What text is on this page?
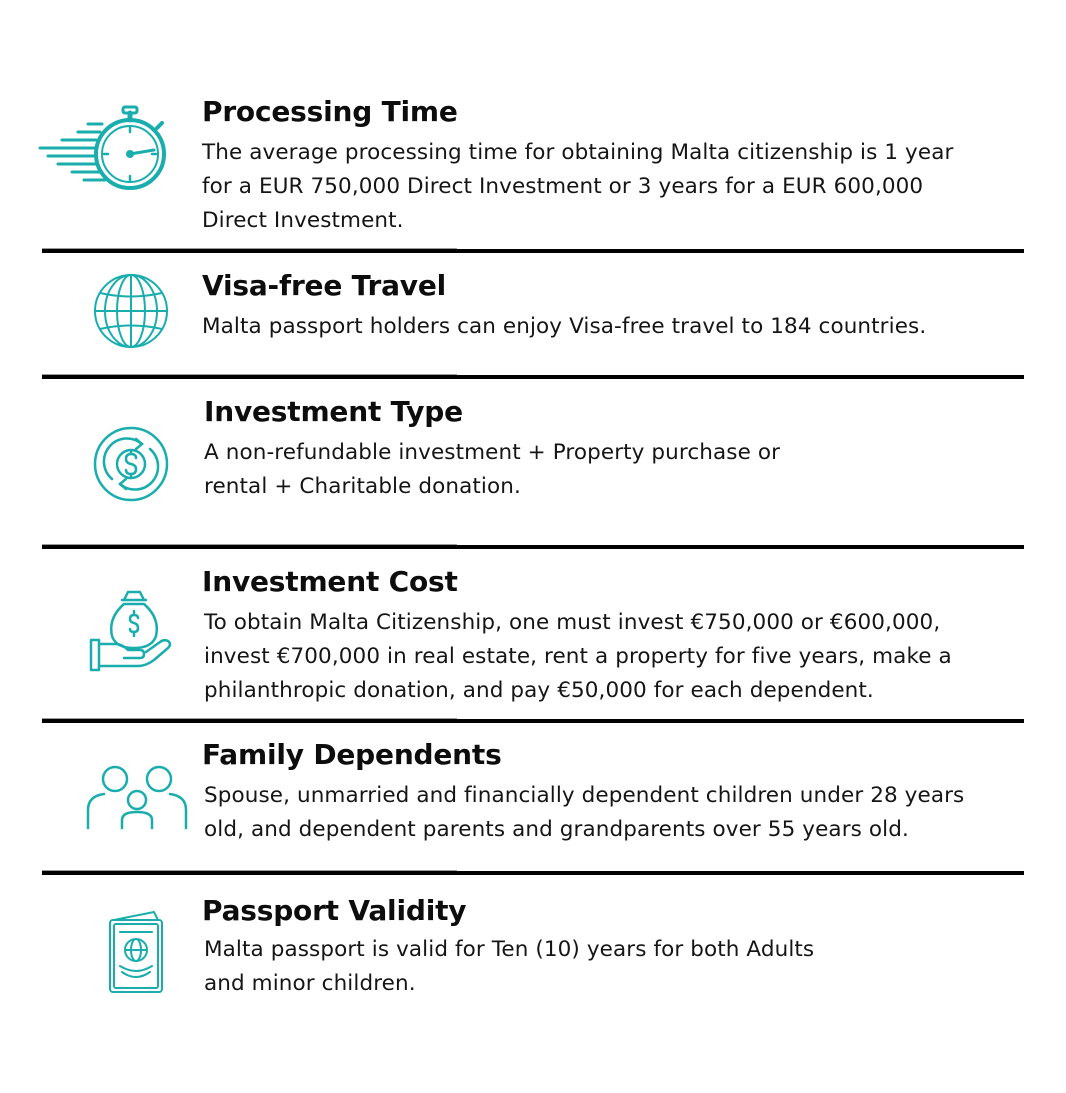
Processing Time
The average processing time for obtaining Malta citizenship is 1 year
for a EUR 750,000 Direct Investment or 3 years for a EUR 600,000
Direct Investment.
Visa-free Travel
Malta passport holders can enjoy Visa-free travel to 184 countries.
Investment Type
A non-refundable investment + Property purchase or
rental + Charitable donation.
Investment Cost
To obtain Malta Citizenship, one must invest €750,000 or €600,000,
invest €700,000 in real estate, rent a property for five years, make a
philanthropic donation, and pay €50,000 for each dependent.
Family Dependents
Spouse, unmarried and financially dependent children under 28 years
old, and dependent parents and grandparents over 55 years old.
Passport Validity
Malta passport is valid for Ten (10) years for both Adults
and minor children.
